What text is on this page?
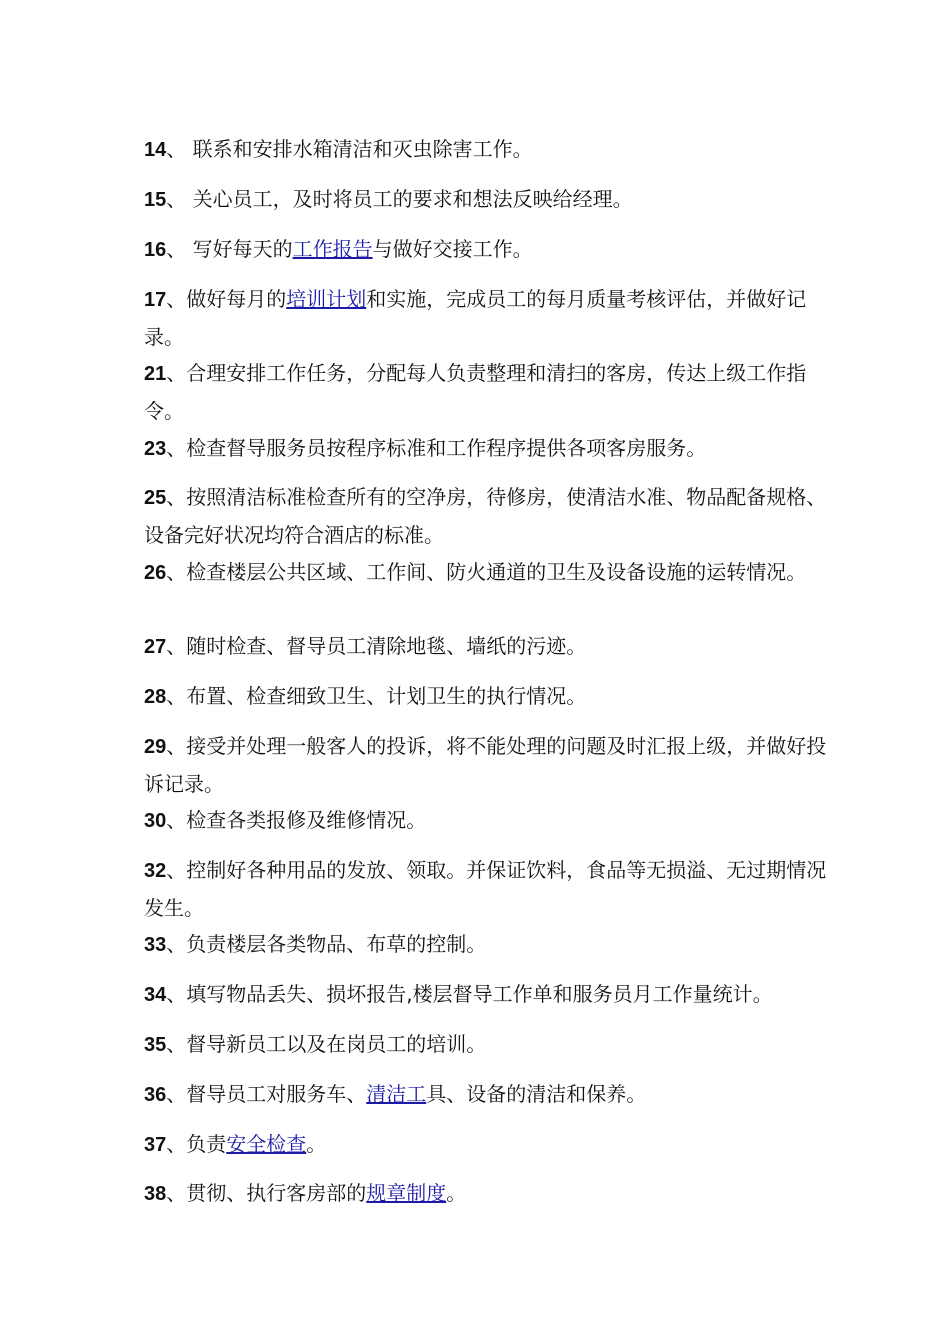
14、 联系和安排水箱清洁和灭虫除害工作。

15、 关心员工，及时将员工的要求和想法反映给经理。

16、 写好每天的工作报告与做好交接工作。

17、做好每月的培训计划和实施，完成员工的每月质量考核评估，并做好记录。

21、合理安排工作任务，分配每人负责整理和清扫的客房，传达上级工作指令。

23、检查督导服务员按程序标准和工作程序提供各项客房服务。

25、按照清洁标准检查所有的空净房，待修房，使清洁水准、物品配备规格、设备完好状况均符合酒店的标准。

26、检查楼层公共区域、工作间、防火通道的卫生及设备设施的运转情况。

27、随时检查、督导员工清除地毯、墙纸的污迹。

28、布置、检查细致卫生、计划卫生的执行情况。

29、接受并处理一般客人的投诉，将不能处理的问题及时汇报上级，并做好投诉记录。

30、检查各类报修及维修情况。

32、控制好各种用品的发放、领取。并保证饮料，食品等无损溢、无过期情况发生。

33、负责楼层各类物品、布草的控制。

34、填写物品丢失、损坏报告,楼层督导工作单和服务员月工作量统计。

35、督导新员工以及在岗员工的培训。

36、督导员工对服务车、清洁工具、设备的清洁和保养。

37、负责安全检查。

38、贯彻、执行客房部的规章制度。
